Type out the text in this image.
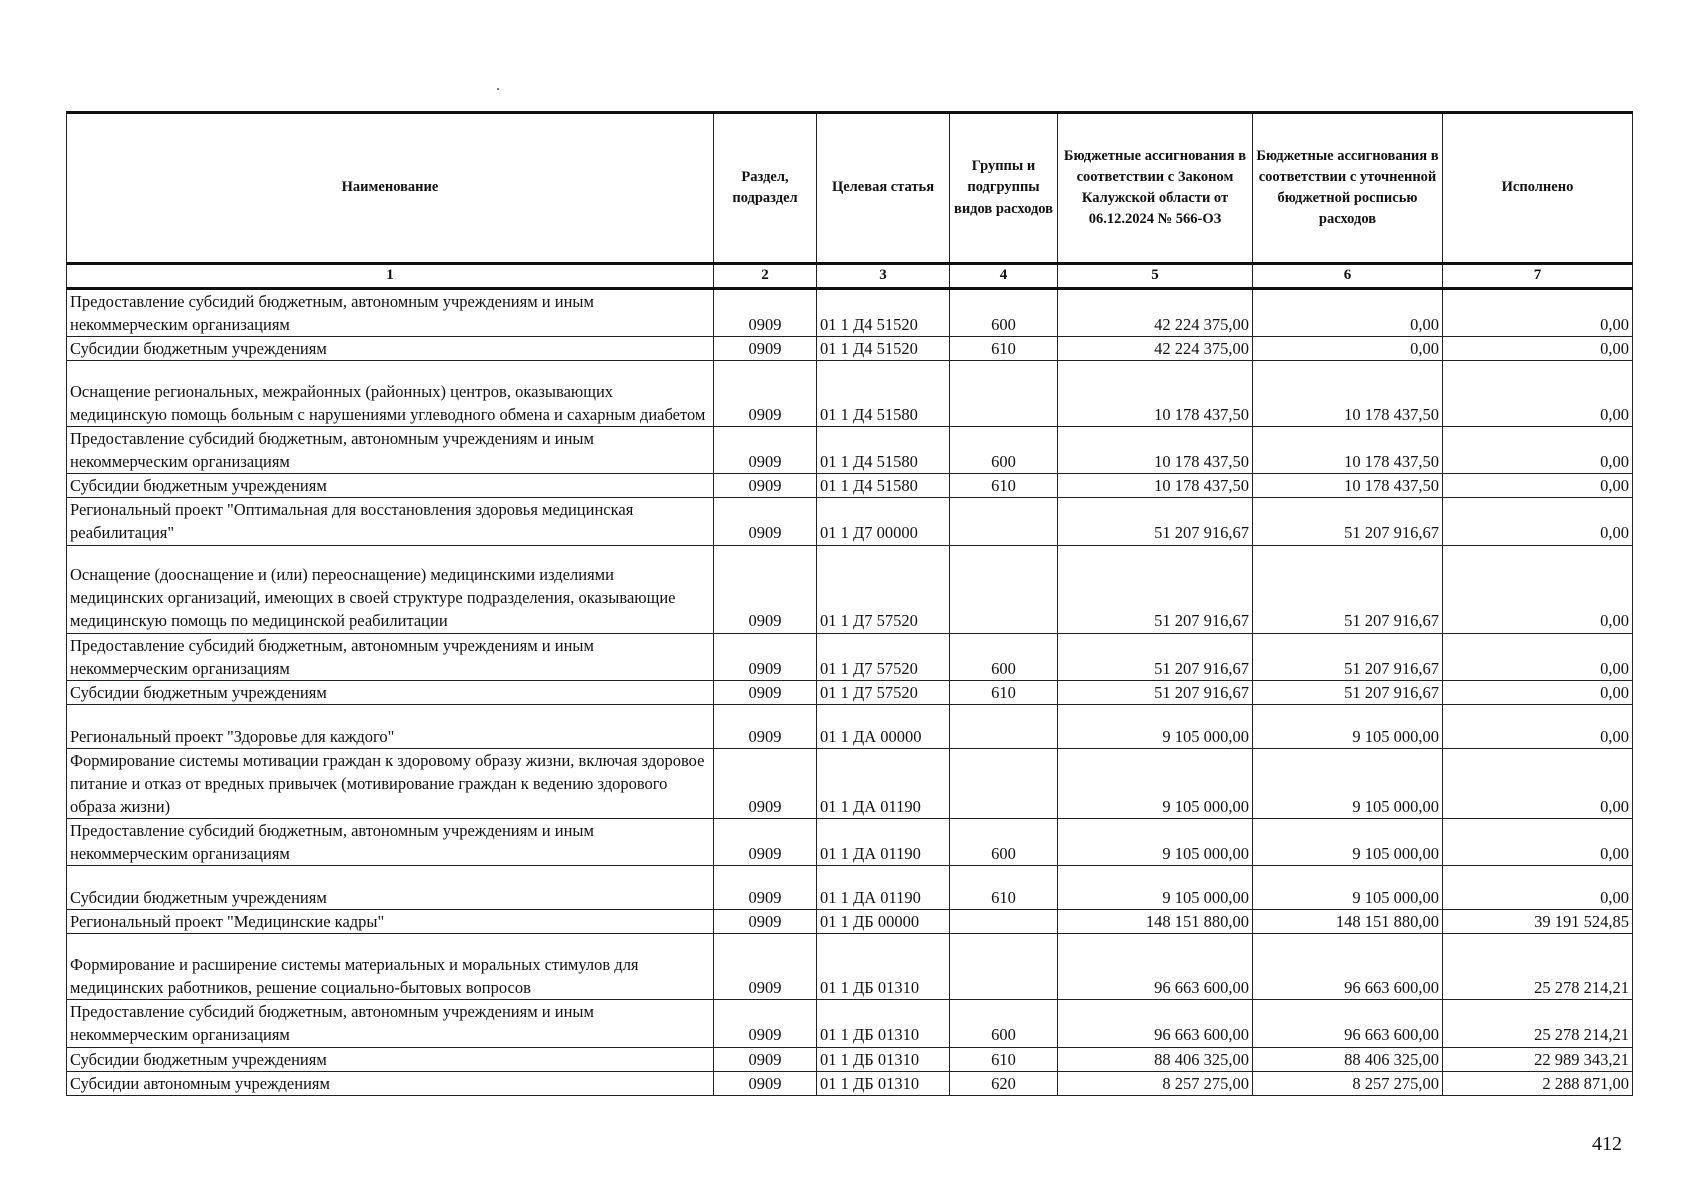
Наименование	Раздел, подраздел	Целевая статья	Группы и подгруппы видов расходов	Бюджетные ассигнования в соответствии с Законом Калужской области от 06.12.2024 № 566-ОЗ	Бюджетные ассигнования в соответствии с уточненной бюджетной росписью расходов	Исполнено
1	2	3	4	5	6	7
Предоставление субсидий бюджетным, автономным учреждениям и иным некоммерческим организациям	0909	01 1 Д4 51520	600	42 224 375,00	0,00	0,00
Субсидии бюджетным учреждениям	0909	01 1 Д4 51520	610	42 224 375,00	0,00	0,00
Оснащение региональных, межрайонных (районных) центров, оказывающих медицинскую помощь больным с нарушениями углеводного обмена и сахарным диабетом	0909	01 1 Д4 51580		10 178 437,50	10 178 437,50	0,00
Предоставление субсидий бюджетным, автономным учреждениям и иным некоммерческим организациям	0909	01 1 Д4 51580	600	10 178 437,50	10 178 437,50	0,00
Субсидии бюджетным учреждениям	0909	01 1 Д4 51580	610	10 178 437,50	10 178 437,50	0,00
Региональный проект "Оптимальная для восстановления здоровья медицинская реабилитация"	0909	01 1 Д7 00000		51 207 916,67	51 207 916,67	0,00
Оснащение (дооснащение и (или) переоснащение) медицинскими изделиями медицинских организаций, имеющих в своей структуре подразделения, оказывающие медицинскую помощь по медицинской реабилитации	0909	01 1 Д7 57520		51 207 916,67	51 207 916,67	0,00
Предоставление субсидий бюджетным, автономным учреждениям и иным некоммерческим организациям	0909	01 1 Д7 57520	600	51 207 916,67	51 207 916,67	0,00
Субсидии бюджетным учреждениям	0909	01 1 Д7 57520	610	51 207 916,67	51 207 916,67	0,00
Региональный проект "Здоровье для каждого"	0909	01 1 ДА 00000		9 105 000,00	9 105 000,00	0,00
Формирование системы мотивации граждан к здоровому образу жизни, включая здоровое питание и отказ от вредных привычек (мотивирование граждан к ведению здорового образа жизни)	0909	01 1 ДА 01190		9 105 000,00	9 105 000,00	0,00
Предоставление субсидий бюджетным, автономным учреждениям и иным некоммерческим организациям	0909	01 1 ДА 01190	600	9 105 000,00	9 105 000,00	0,00
Субсидии бюджетным учреждениям	0909	01 1 ДА 01190	610	9 105 000,00	9 105 000,00	0,00
Региональный проект "Медицинские кадры"	0909	01 1 ДБ 00000		148 151 880,00	148 151 880,00	39 191 524,85
Формирование и расширение системы материальных и моральных стимулов для медицинских работников, решение социально-бытовых вопросов	0909	01 1 ДБ 01310		96 663 600,00	96 663 600,00	25 278 214,21
Предоставление субсидий бюджетным, автономным учреждениям и иным некоммерческим организациям	0909	01 1 ДБ 01310	600	96 663 600,00	96 663 600,00	25 278 214,21
Субсидии бюджетным учреждениям	0909	01 1 ДБ 01310	610	88 406 325,00	88 406 325,00	22 989 343,21
Субсидии автономным учреждениям	0909	01 1 ДБ 01310	620	8 257 275,00	8 257 275,00	2 288 871,00
412
